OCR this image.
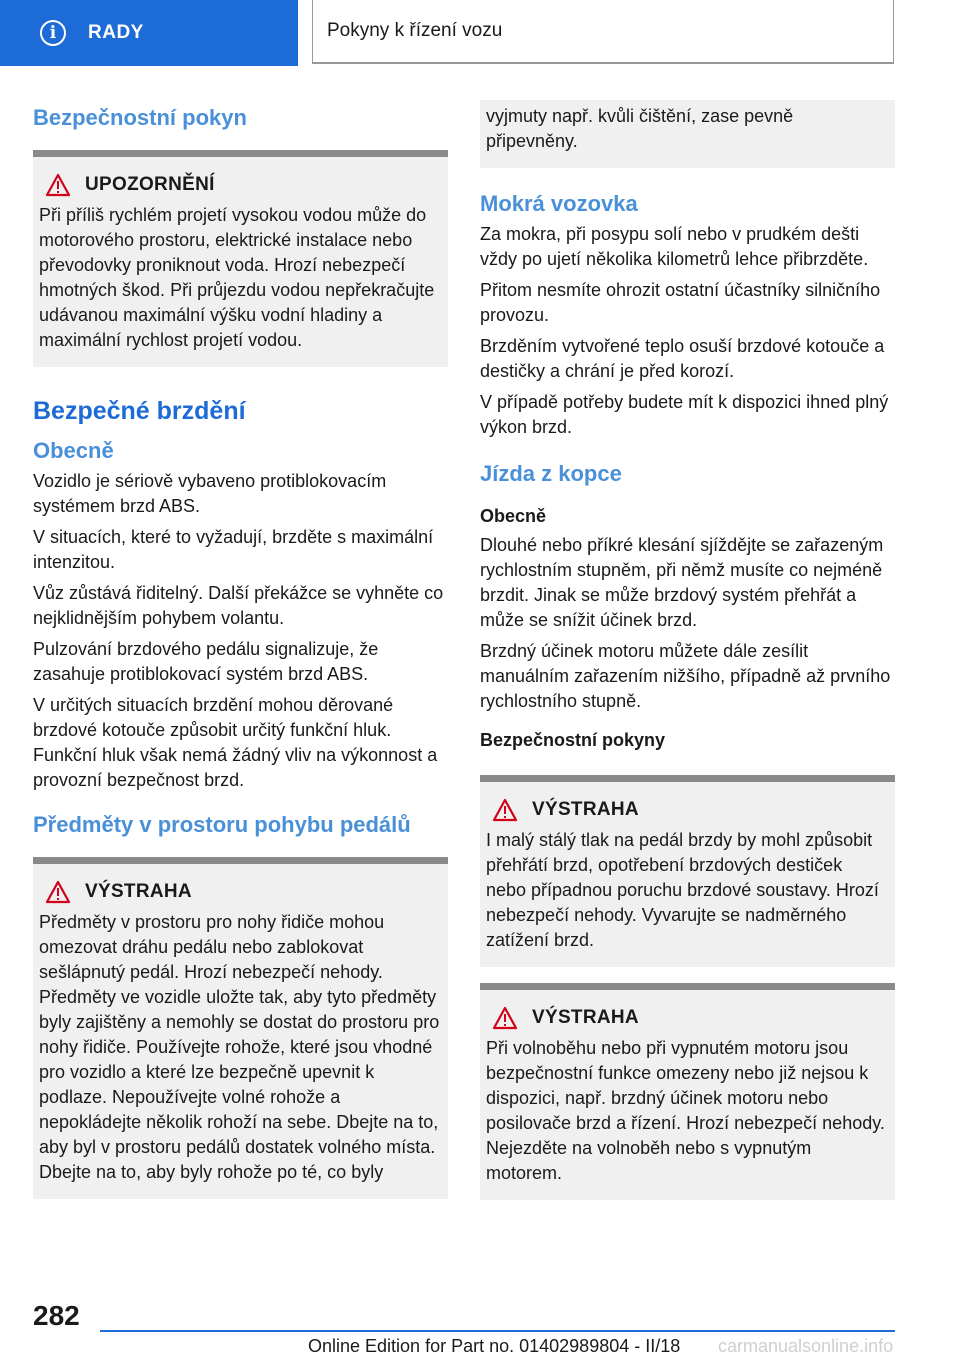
i	RADY	Pokyny k řízení vozu
Bezpečnostní pokyn
UPOZORNĚNÍ

Při příliš rychlém projetí vysokou vodou může do motorového prostoru, elektrické instalace nebo převodovky proniknout voda. Hrozí nebezpečí hmotných škod. Při průjezdu vodou nepřekračujte udávanou maximální výšku vodní hladiny a maximální rychlost projetí vodou.

Bezpečné brzdění
Obecně

Vozidlo je sériově vybaveno protiblokovacím systémem brzd ABS.

V situacích, které to vyžadují, brzděte s maximální intenzitou.

Vůz zůstává řiditelný. Další překážce se vyhněte co nejklidnějším pohybem volantu.

Pulzování brzdového pedálu signalizuje, že zasahuje protiblokovací systém brzd ABS.

V určitých situacích brzdění mohou děrované brzdové kotouče způsobit určitý funkční hluk. Funkční hluk však nemá žádný vliv na výkonnost a provozní bezpečnost brzd.

Předměty v prostoru pohybu pedálů
VÝSTRAHA

Předměty v prostoru pro nohy řidiče mohou omezovat dráhu pedálu nebo zablokovat sešlápnutý pedál. Hrozí nebezpečí nehody. Předměty ve vozidle uložte tak, aby tyto předměty byly zajištěny a nemohly se dostat do prostoru pro nohy řidiče. Používejte rohože, které jsou vhodné pro vozidlo a které lze bezpečně upevnit k podlaze. Nepoužívejte volné rohože a nepokládejte několik rohoží na sebe. Dbejte na to, aby byl v prostoru pedálů dostatek volného místa. Dbejte na to, aby byly rohože po té, co byly

vyjmuty např. kvůli čištění, zase pevně připevněny.

Mokrá vozovka

Za mokra, při posypu solí nebo v prudkém dešti vždy po ujetí několika kilometrů lehce přibrzděte.

Přitom nesmíte ohrozit ostatní účastníky silničního provozu.

Brzděním vytvořené teplo osuší brzdové kotouče a destičky a chrání je před korozí.

V případě potřeby budete mít k dispozici ihned plný výkon brzd.

Jízda z kopce
Obecně

Dlouhé nebo příkré klesání sjíždějte se zařazeným rychlostním stupněm, při němž musíte co nejméně brzdit. Jinak se může brzdový systém přehřát a může se snížit účinek brzd.

Brzdný účinek motoru můžete dále zesílit manuálním zařazením nižšího, případně až prvního rychlostního stupně.

Bezpečnostní pokyny
VÝSTRAHA

I malý stálý tlak na pedál brzdy by mohl způsobit přehřátí brzd, opotřebení brzdových destiček nebo případnou poruchu brzdové soustavy. Hrozí nebezpečí nehody. Vyvarujte se nadměrného zatížení brzd.

VÝSTRAHA

Při volnoběhu nebo při vypnutém motoru jsou bezpečnostní funkce omezeny nebo již nejsou k dispozici, např. brzdný účinek motoru nebo posilovače brzd a řízení. Hrozí nebezpečí nehody. Nejezděte na volnoběh nebo s vypnutým motorem.

282
Online Edition for Part no. 01402989804 - II/18 carmanualsonline.info
